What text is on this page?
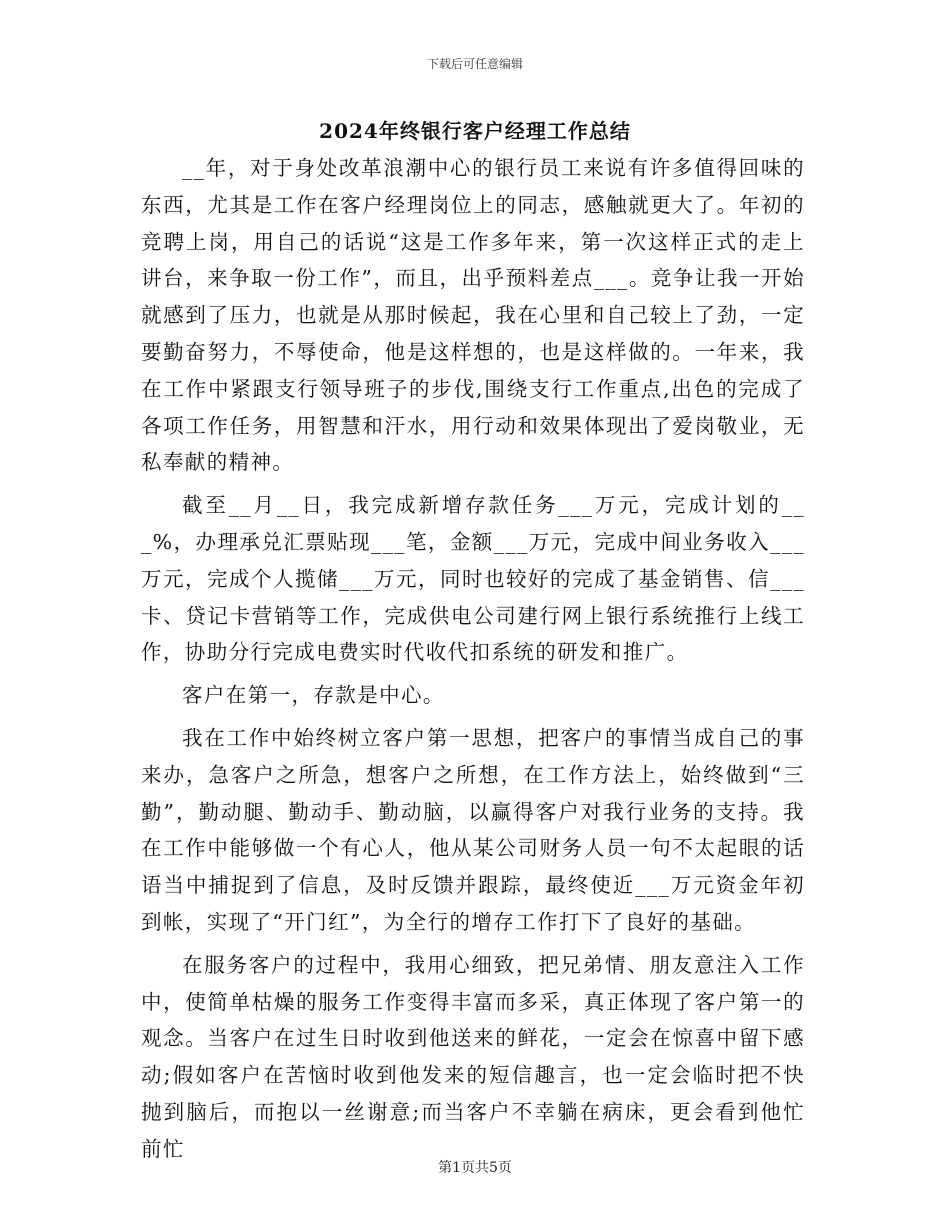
下载后可任意编辑
2024年终银行客户经理工作总结

__年，对于身处改革浪潮中心的银行员工来说有许多值得回味的东西，尤其是工作在客户经理岗位上的同志，感触就更大了。年初的竞聘上岗，用自己的话说“这是工作多年来，第一次这样正式的走上讲台，来争取一份工作”，而且，出乎预料差点___。竞争让我一开始就感到了压力，也就是从那时候起，我在心里和自己较上了劲，一定要勤奋努力，不辱使命，他是这样想的，也是这样做的。一年来，我在工作中紧跟支行领导班子的步伐,围绕支行工作重点,出色的完成了各项工作任务，用智慧和汗水，用行动和效果体现出了爱岗敬业，无私奉献的精神。

截至__月__日，我完成新增存款任务___万元，完成计划的___%，办理承兑汇票贴现___笔，金额___万元，完成中间业务收入___万元，完成个人揽储___万元，同时也较好的完成了基金销售、信___卡、贷记卡营销等工作，完成供电公司建行网上银行系统推行上线工作，协助分行完成电费实时代收代扣系统的研发和推广。

客户在第一，存款是中心。

我在工作中始终树立客户第一思想，把客户的事情当成自己的事来办，急客户之所急，想客户之所想，在工作方法上，始终做到“三勤”，勤动腿、勤动手、勤动脑，以赢得客户对我行业务的支持。我在工作中能够做一个有心人，他从某公司财务人员一句不太起眼的话语当中捕捉到了信息，及时反馈并跟踪，最终使近___万元资金年初到帐，实现了“开门红”，为全行的增存工作打下了良好的基础。

在服务客户的过程中，我用心细致，把兄弟情、朋友意注入工作中，使简单枯燥的服务工作变得丰富而多采，真正体现了客户第一的观念。当客户在过生日时收到他送来的鲜花，一定会在惊喜中留下感动;假如客户在苦恼时收到他发来的短信趣言，也一定会临时把不快抛到脑后，而抱以一丝谢意;而当客户不幸躺在病床，更会看到他忙前忙

第1页共5页
